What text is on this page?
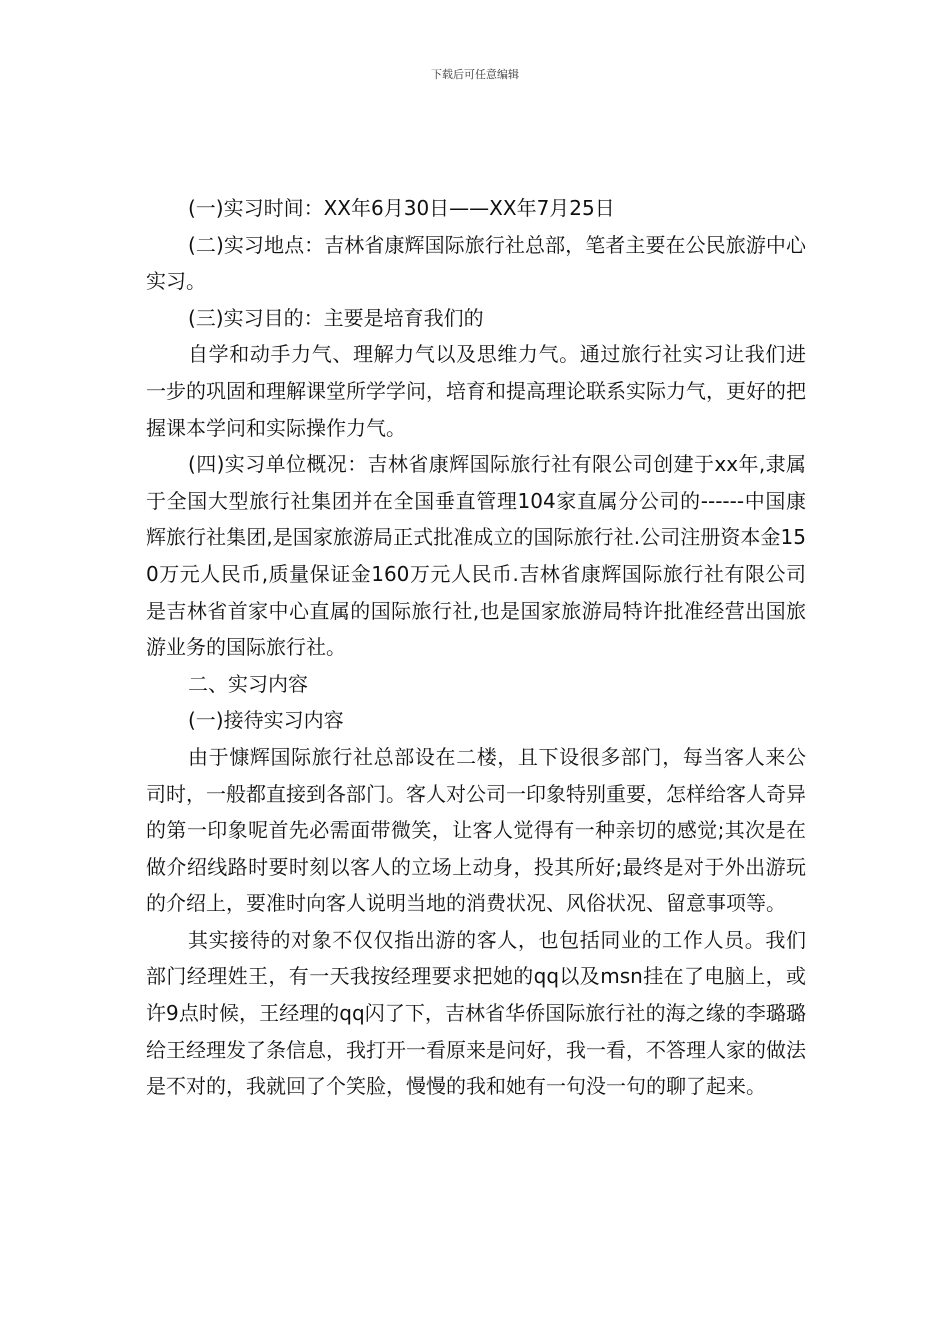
下载后可任意编辑

(一)实习时间：XX年6月30日——XX年7月25日

(二)实习地点：吉林省康辉国际旅行社总部，笔者主要在公民旅游中心实习。

(三)实习目的：主要是培育我们的

自学和动手力气、理解力气以及思维力气。通过旅行社实习让我们进一步的巩固和理解课堂所学学问，培育和提高理论联系实际力气，更好的把握课本学问和实际操作力气。

(四)实习单位概况：吉林省康辉国际旅行社有限公司创建于xx年,隶属于全国大型旅行社集团并在全国垂直管理104家直属分公司的------中国康辉旅行社集团,是国家旅游局正式批准成立的国际旅行社.公司注册资本金150万元人民币,质量保证金160万元人民币.吉林省康辉国际旅行社有限公司是吉林省首家中心直属的国际旅行社,也是国家旅游局特许批准经营出国旅游业务的国际旅行社。

二、实习内容

(一)接待实习内容

由于慷辉国际旅行社总部设在二楼，且下设很多部门，每当客人来公司时，一般都直接到各部门。客人对公司一印象特别重要，怎样给客人奇异的第一印象呢首先必需面带微笑，让客人觉得有一种亲切的感觉;其次是在做介绍线路时要时刻以客人的立场上动身，投其所好;最终是对于外出游玩的介绍上，要准时向客人说明当地的消费状况、风俗状况、留意事项等。

其实接待的对象不仅仅指出游的客人，也包括同业的工作人员。我们部门经理姓王，有一天我按经理要求把她的qq以及msn挂在了电脑上，或许9点时候，王经理的qq闪了下，吉林省华侨国际旅行社的海之缘的李璐璐给王经理发了条信息，我打开一看原来是问好，我一看，不答理人家的做法是不对的，我就回了个笑脸，慢慢的我和她有一句没一句的聊了起来。
